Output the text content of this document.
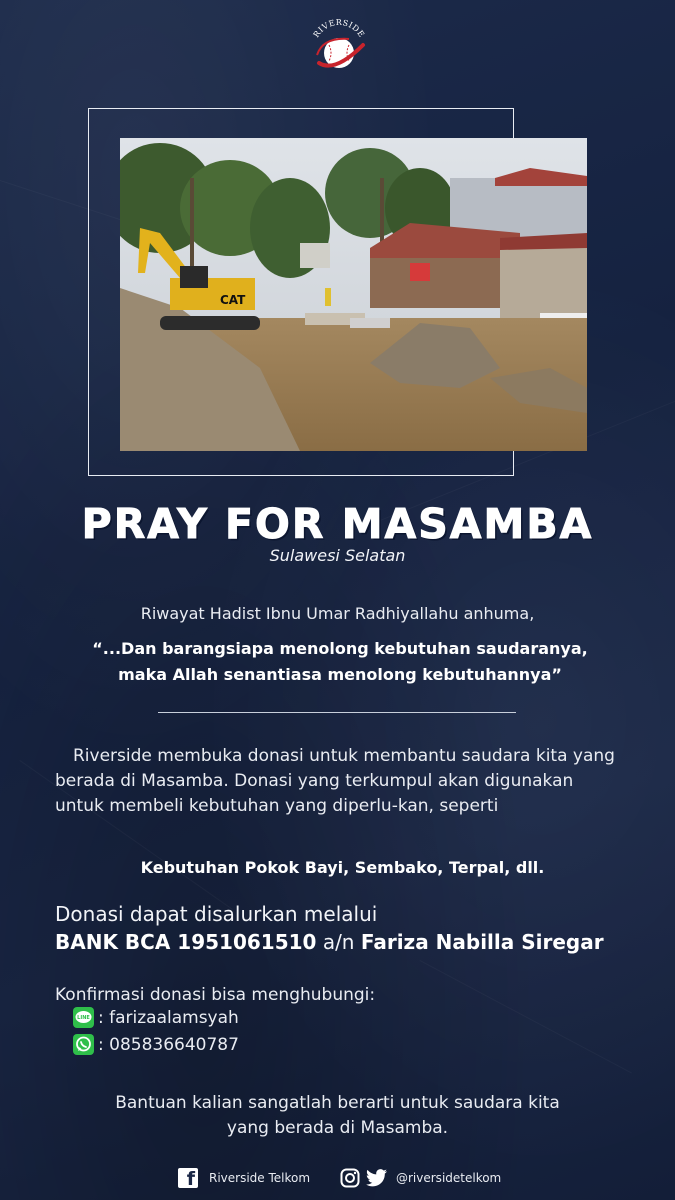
RIVERSIDE
CAT
PRAY FOR MASAMBA
Sulawesi Selatan
Riwayat Hadist Ibnu Umar Radhiyallahu anhuma,
“...Dan barangsiapa menolong kebutuhan saudaranya,
maka Allah senantiasa menolong kebutuhannya”
Riverside membuka donasi untuk membantu saudara kita yang berada di Masamba. Donasi yang terkumpul akan digunakan untuk membeli kebutuhan yang diperlu-kan, seperti
Kebutuhan Pokok Bayi, Sembako, Terpal, dll.
Donasi dapat disalurkan melalui
BANK BCA 1951061510 a/n Fariza Nabilla Siregar
Konfirmasi donasi bisa menghubungi:
LINE : farizaalamsyah
: 085836640787
Bantuan kalian sangatlah berarti untuk saudara kita
yang berada di Masamba.
f Riverside Telkom	@riversidetelkom
